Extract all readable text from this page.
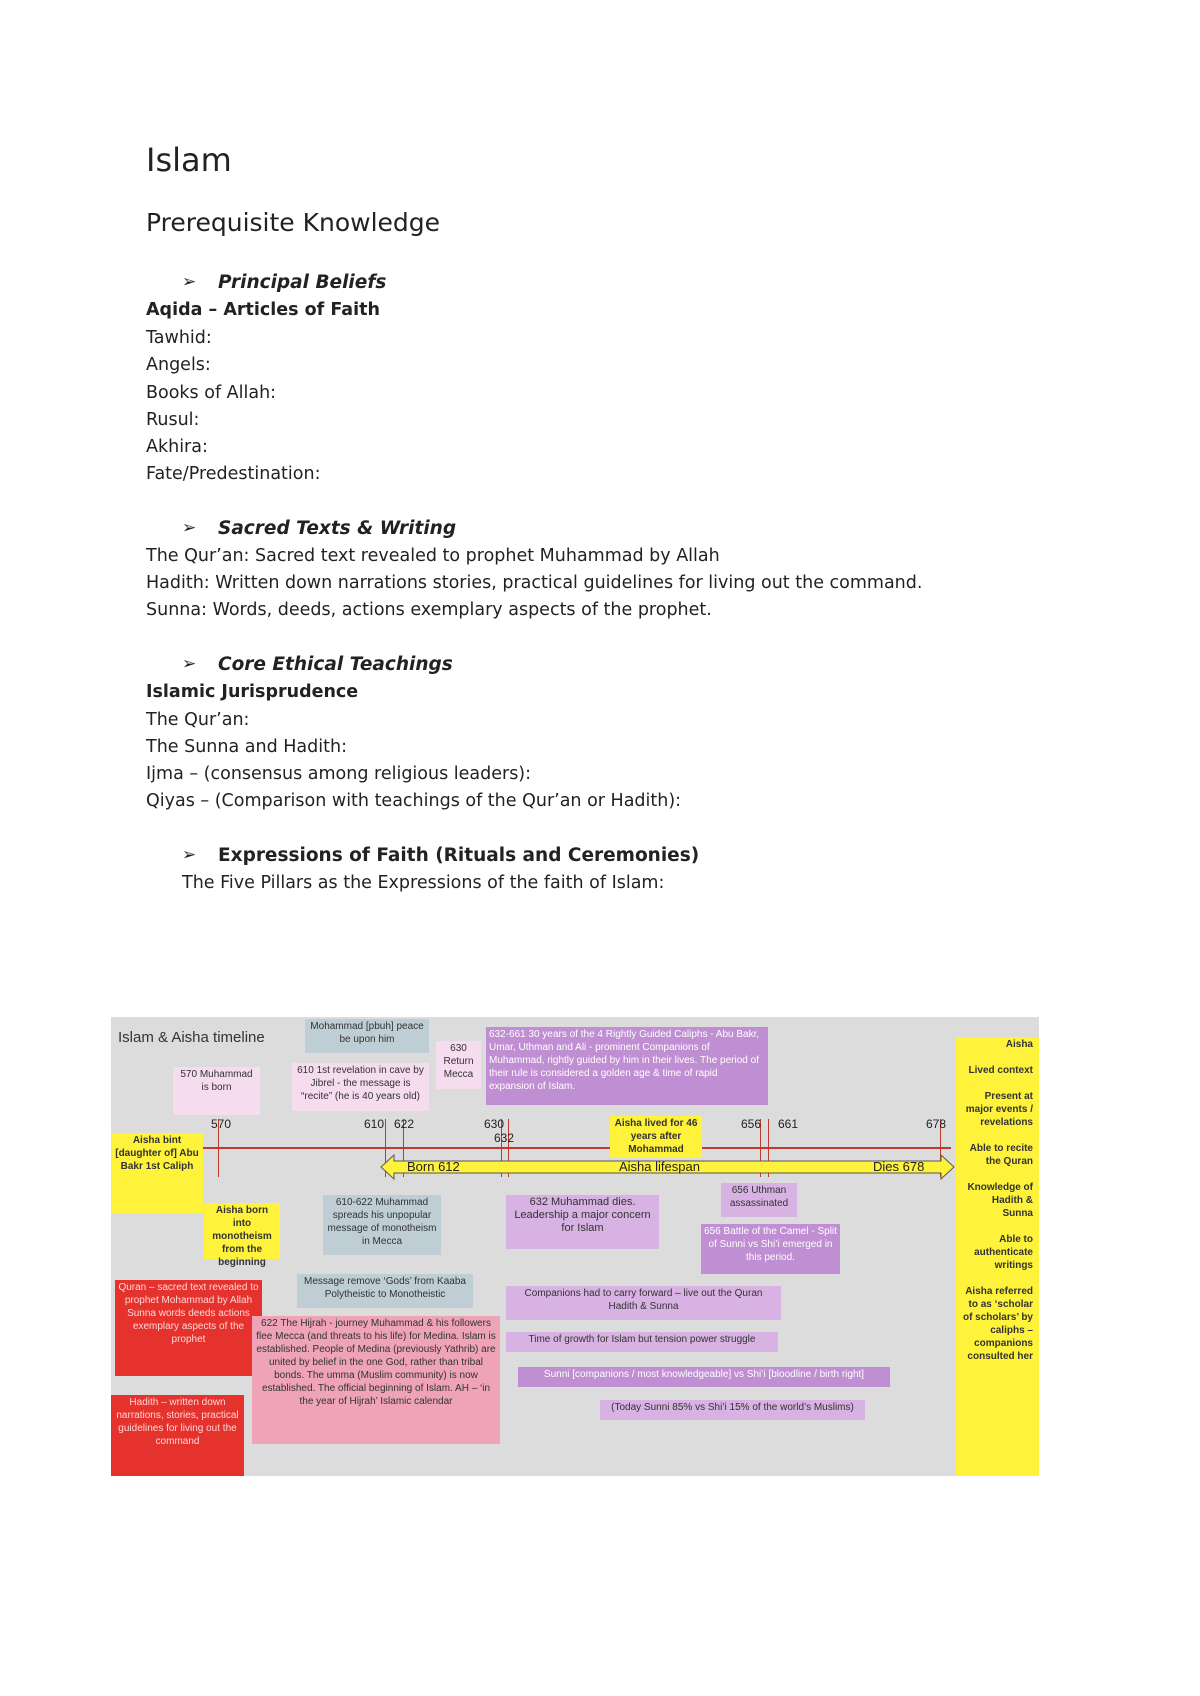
Islam
Prerequisite Knowledge
➢ Principal Beliefs
Aqida – Articles of Faith
Tawhid:
Angels:
Books of Allah:
Rusul:
Akhira:
Fate/Predestination:
➢ Sacred Texts & Writing
The Qur’an: Sacred text revealed to prophet Muhammad by Allah
Hadith: Written down narrations stories, practical guidelines for living out the command.
Sunna: Words, deeds, actions exemplary aspects of the prophet.
➢ Core Ethical Teachings
Islamic Jurisprudence
The Qur’an:
The Sunna and Hadith:
Ijma – (consensus among religious leaders):
Qiyas – (Comparison with teachings of the Qur’an or Hadith):
➢ Expressions of Faith (Rituals and Ceremonies)
The Five Pillars as the Expressions of the faith of Islam:
Islam & Aisha timeline
570	610 622	630
632
656 661	678
Born 612	Aisha lifespan	Dies 678
Mohammad [pbuh] peace be upon him
570 Muhammad is born
610 1st revelation in cave by Jibrel - the message is “recite” (he is 40 years old)
630 Return Mecca
632-661 30 years of the 4 Rightly Guided Caliphs - Abu Bakr, Umar, Uthman and Ali - prominent Companions of Muhammad, rightly guided by him in their lives. The period of their rule is considered a golden age & time of rapid expansion of Islam.
Aisha lived for 46 years after Mohammad
Aisha bint [daughter of] Abu Bakr 1st Caliph
Aisha born into monotheism from the beginning
610-622 Muhammad spreads his unpopular message of monotheism in Mecca
632 Muhammad dies. Leadership a major concern for Islam
656 Uthman assassinated
656 Battle of the Camel - Split of Sunni vs Shi’i emerged in this period.
Quran – sacred text revealed to prophet Mohammad by Allah Sunna words deeds actions exemplary aspects of the prophet
Hadith – written down narrations, stories, practical guidelines for living out the command
Message remove ‘Gods’ from Kaaba Polytheistic to Monotheistic
622 The Hijrah - journey Muhammad & his followers flee Mecca (and threats to his life) for Medina. Islam is established. People of Medina (previously Yathrib) are united by belief in the one God, rather than tribal bonds. The umma (Muslim community) is now established. The official beginning of Islam. AH – ‘in the year of Hijrah’ Islamic calendar
Companions had to carry forward – live out the Quran Hadith & Sunna
Time of growth for Islam but tension power struggle
Sunni [companions / most knowledgeable] vs Shi’i [bloodline / birth right]
(Today Sunni 85% vs Shi’i 15% of the world’s Muslims)
Aisha

Lived context

Present at major events / revelations

Able to recite the Quran

Knowledge of Hadith & Sunna

Able to authenticate writings

Aisha referred to as ‘scholar of scholars’ by caliphs – companions consulted her
